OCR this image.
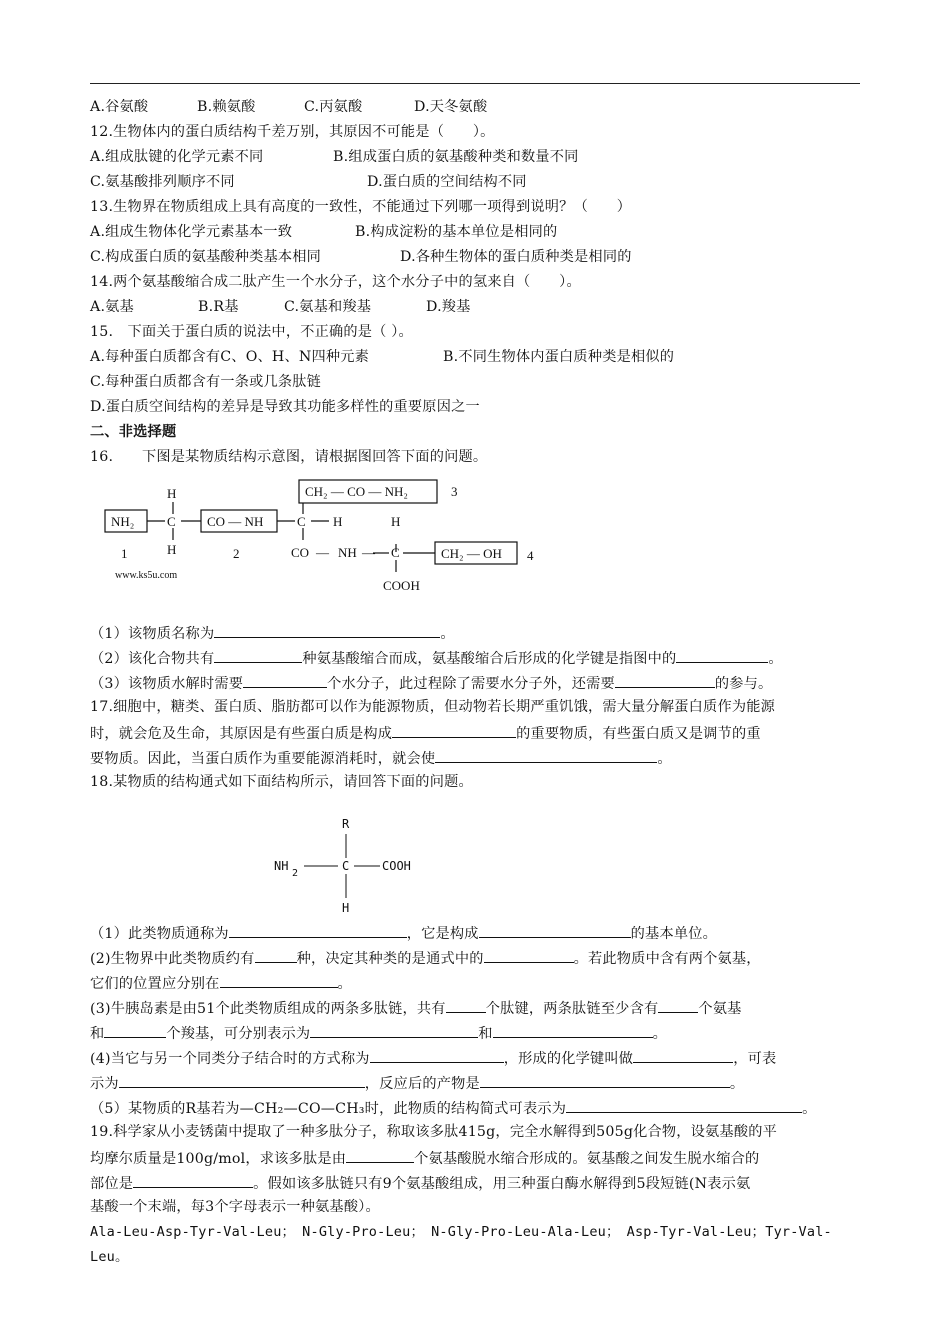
A.谷氨酸	B.赖氨酸	C.丙氨酸	D.天冬氨酸
12.生物体内的蛋白质结构千差万别，其原因不可能是（　　）。
A.组成肽键的化学元素不同	B.组成蛋白质的氨基酸种类和数量不同
C.氨基酸排列顺序不同	D.蛋白质的空间结构不同
13.生物界在物质组成上具有高度的一致性，不能通过下列哪一项得到说明？（　　）
A.组成生物体化学元素基本一致	B.构成淀粉的基本单位是相同的
C.构成蛋白质的氨基酸种类基本相同	D.各种生物体的蛋白质种类是相同的
14.两个氨基酸缩合成二肽产生一个水分子，这个水分子中的氢来自（　　）。
A.氨基	B.R基	C.氨基和羧基	D.羧基
15.　下面关于蛋白质的说法中，不正确的是（ ）。
A.每种蛋白质都含有C、O、H、N四种元素	B.不同生物体内蛋白质种类是相似的
C.每种蛋白质都含有一条或几条肽链
D.蛋白质空间结构的差异是导致其功能多样性的重要原因之一
二、非选择题
16.　　下图是某物质结构示意图，请根据图回答下面的问题。
NH₂
H
C
H
1
CO — NH
2
CH₂ — CO — NH₂	3
C H	H
CO — NH — C	CH₂ — OH 4
COOH
www.ks5u.com
（1）该物质名称为	。
（2）该化合物共有	种氨基酸缩合而成，氨基酸缩合后形成的化学键是指图中的	。
（3）该物质水解时需要	个水分子，此过程除了需要水分子外，还需要	的参与。
17.细胞中，糖类、蛋白质、脂肪都可以作为能源物质，但动物若长期严重饥饿，需大量分解蛋白质作为能源
时，就会危及生命，其原因是有些蛋白质是构成	的重要物质，有些蛋白质又是调节的重
要物质。因此，当蛋白质作为重要能源消耗时，就会使	。
18.某物质的结构通式如下面结构所示，请回答下面的问题。
R
NH
2
C	COOH
H
（1）此类物质通称为	，它是构成	的基本单位。
(2)生物界中此类物质约有	种，决定其种类的是通式中的	。若此物质中含有两个氨基，
它们的位置应分别在	。
(3)牛胰岛素是由51个此类物质组成的两条多肽链，共有	个肽键，两条肽链至少含有	个氨基
和	个羧基，可分别表示为	和	。
(4)当它与另一个同类分子结合时的方式称为	，形成的化学键叫做	，可表
示为	，反应后的产物是	。
（5）某物质的R基若为—CH₂—CO—CH₃时，此物质的结构简式可表示为	。
19.科学家从小麦锈菌中提取了一种多肽分子，称取该多肽415g，完全水解得到505g化合物，设氨基酸的平
均摩尔质量是100g/mol，求该多肽是由	个氨基酸脱水缩合形成的。氨基酸之间发生脱水缩合的
部位是	。假如该多肽链只有9个氨基酸组成，用三种蛋白酶水解得到5段短链(N表示氨
基酸一个末端，每3个字母表示一种氨基酸）。
Ala-Leu-Asp-Tyr-Val-Leu；　N-Gly-Pro-Leu；　N-Gly-Pro-Leu-Ala-Leu；　Asp-Tyr-Val-Leu；Tyr-Val-
Leu。
